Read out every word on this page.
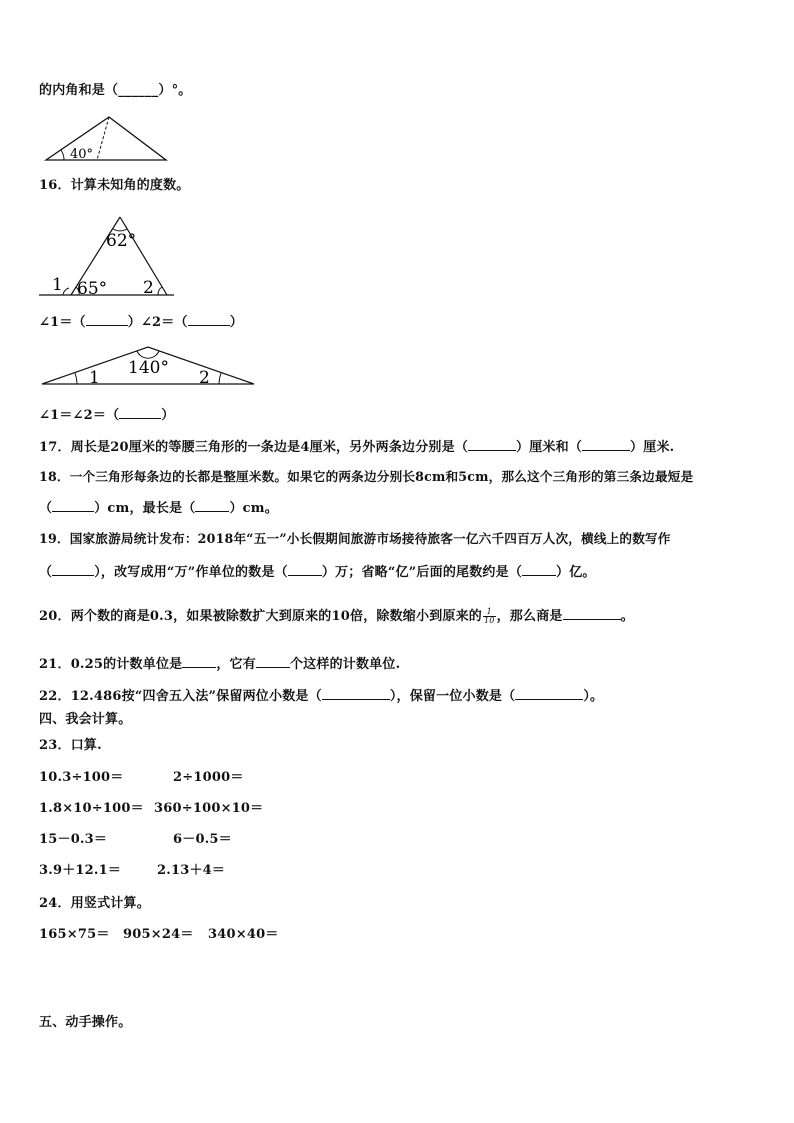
的内角和是（______）°。
40°
16．计算未知角的度数。
62°
65°
1	2
∠1＝（	）∠2＝（	）
140°
1	2
∠1＝∠2＝（	）
17．周长是20厘米的等腰三角形的一条边是4厘米，另外两条边分别是（	）厘米和（	）厘米.
18．一个三角形每条边的长都是整厘米数。如果它的两条边分别长8cm和5cm，那么这个三角形的第三条边最短是
（	）cm，最长是（	）cm。
19．国家旅游局统计发布：2018年“五一”小长假期间旅游市场接待旅客一亿六千四百万人次，横线上的数写作
（	），改写成用“万”作单位的数是（	）万；省略“亿”后面的尾数约是（	）亿。
20．两个数的商是0.3，如果被除数扩大到原来的10倍，除数缩小到原来的 $\frac{1}{10}$ ，那么商是	。
21．0.25的计数单位是	，它有	个这样的计数单位.
22．12.486按“四舍五入法”保留两位小数是（	），保留一位小数是（	）。
四、我会计算。
23．口算.
10.3÷100＝	2÷1000＝
1.8×10÷100＝ 360÷100×10＝
15－0.3＝	6－0.5＝
3.9＋12.1＝	2.13＋4＝
24．用竖式计算。
165×75＝ 905×24＝ 340×40＝
五、动手操作。
